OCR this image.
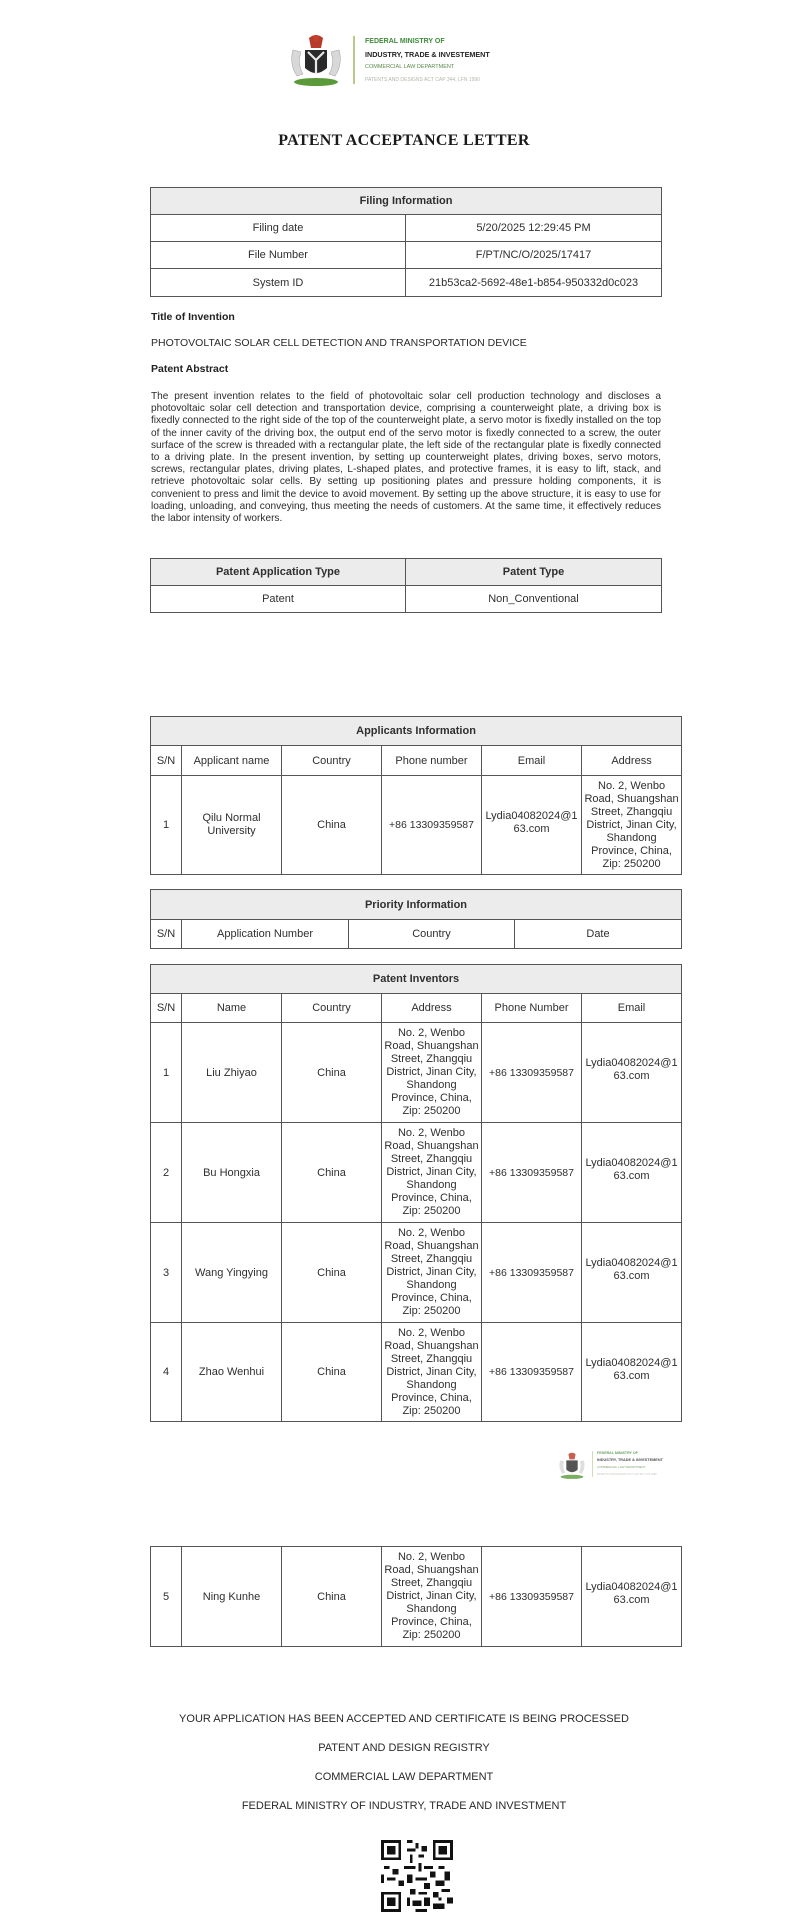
FEDERAL MINISTRY OF
INDUSTRY, TRADE & INVESTEMENT
COMMERCIAL LAW DEPARTMENT
PATENTS AND DESIGNS ACT CAP 344, LFN 1990
PATENT ACCEPTANCE LETTER
Filing Information	
Filing date	5/20/2025 12:29:45 PM
File Number	F/PT/NC/O/2025/17417
System ID	21b53ca2-5692-48e1-b854-950332d0c023
Title of Invention
PHOTOVOLTAIC SOLAR CELL DETECTION AND TRANSPORTATION DEVICE
Patent Abstract
The present invention relates to the field of photovoltaic solar cell production technology and discloses a photovoltaic solar cell detection and transportation device, comprising a counterweight plate, a driving box is fixedly connected to the right side of the top of the counterweight plate, a servo motor is fixedly installed on the top of the inner cavity of the driving box, the output end of the servo motor is fixedly connected to a screw, the outer surface of the screw is threaded with a rectangular plate, the left side of the rectangular plate is fixedly connected to a driving plate. In the present invention, by setting up counterweight plates, driving boxes, servo motors, screws, rectangular plates, driving plates, L-shaped plates, and protective frames, it is easy to lift, stack, and retrieve photovoltaic solar cells. By setting up positioning plates and pressure holding components, it is convenient to press and limit the device to avoid movement. By setting up the above structure, it is easy to use for loading, unloading, and conveying, thus meeting the needs of customers. At the same time, it effectively reduces the labor intensity of workers.
Patent Application Type	Patent Type
Patent	Non_Conventional
Applicants Information					
S/N	Applicant name	Country	Phone number	Email	Address
1	Qilu Normal University	China	+86 13309359587	Lydia04082024@163.com	No. 2, Wenbo Road, Shuangshan Street, Zhangqiu District, Jinan City, Shandong Province, China, Zip: 250200
Priority Information
S/N	Application Number	Country	Date
Patent Inventors					
S/N	Name	Country	Address	Phone Number	Email
1	Liu Zhiyao	China	No. 2, Wenbo Road, Shuangshan Street, Zhangqiu District, Jinan City, Shandong Province, China, Zip: 250200	+86 13309359587	Lydia04082024@163.com
2	Bu Hongxia	China	No. 2, Wenbo Road, Shuangshan Street, Zhangqiu District, Jinan City, Shandong Province, China, Zip: 250200	+86 13309359587	Lydia04082024@163.com
3	Wang Yingying	China	No. 2, Wenbo Road, Shuangshan Street, Zhangqiu District, Jinan City, Shandong Province, China, Zip: 250200	+86 13309359587	Lydia04082024@163.com
4	Zhao Wenhui	China	No. 2, Wenbo Road, Shuangshan Street, Zhangqiu District, Jinan City, Shandong Province, China, Zip: 250200	+86 13309359587	Lydia04082024@163.com
FEDERAL MINISTRY OF
INDUSTRY, TRADE & INVESTEMENT
COMMERCIAL LAW DEPARTMENT
PATENTS AND DESIGNS ACT CAP 344, LFN 1990
5	Ning Kunhe	China	No. 2, Wenbo Road, Shuangshan Street, Zhangqiu District, Jinan City, Shandong Province, China, Zip: 250200	+86 13309359587	Lydia04082024@163.com
YOUR APPLICATION HAS BEEN ACCEPTED AND CERTIFICATE IS BEING PROCESSED
PATENT AND DESIGN REGISTRY
COMMERCIAL LAW DEPARTMENT
FEDERAL MINISTRY OF INDUSTRY, TRADE AND INVESTMENT
